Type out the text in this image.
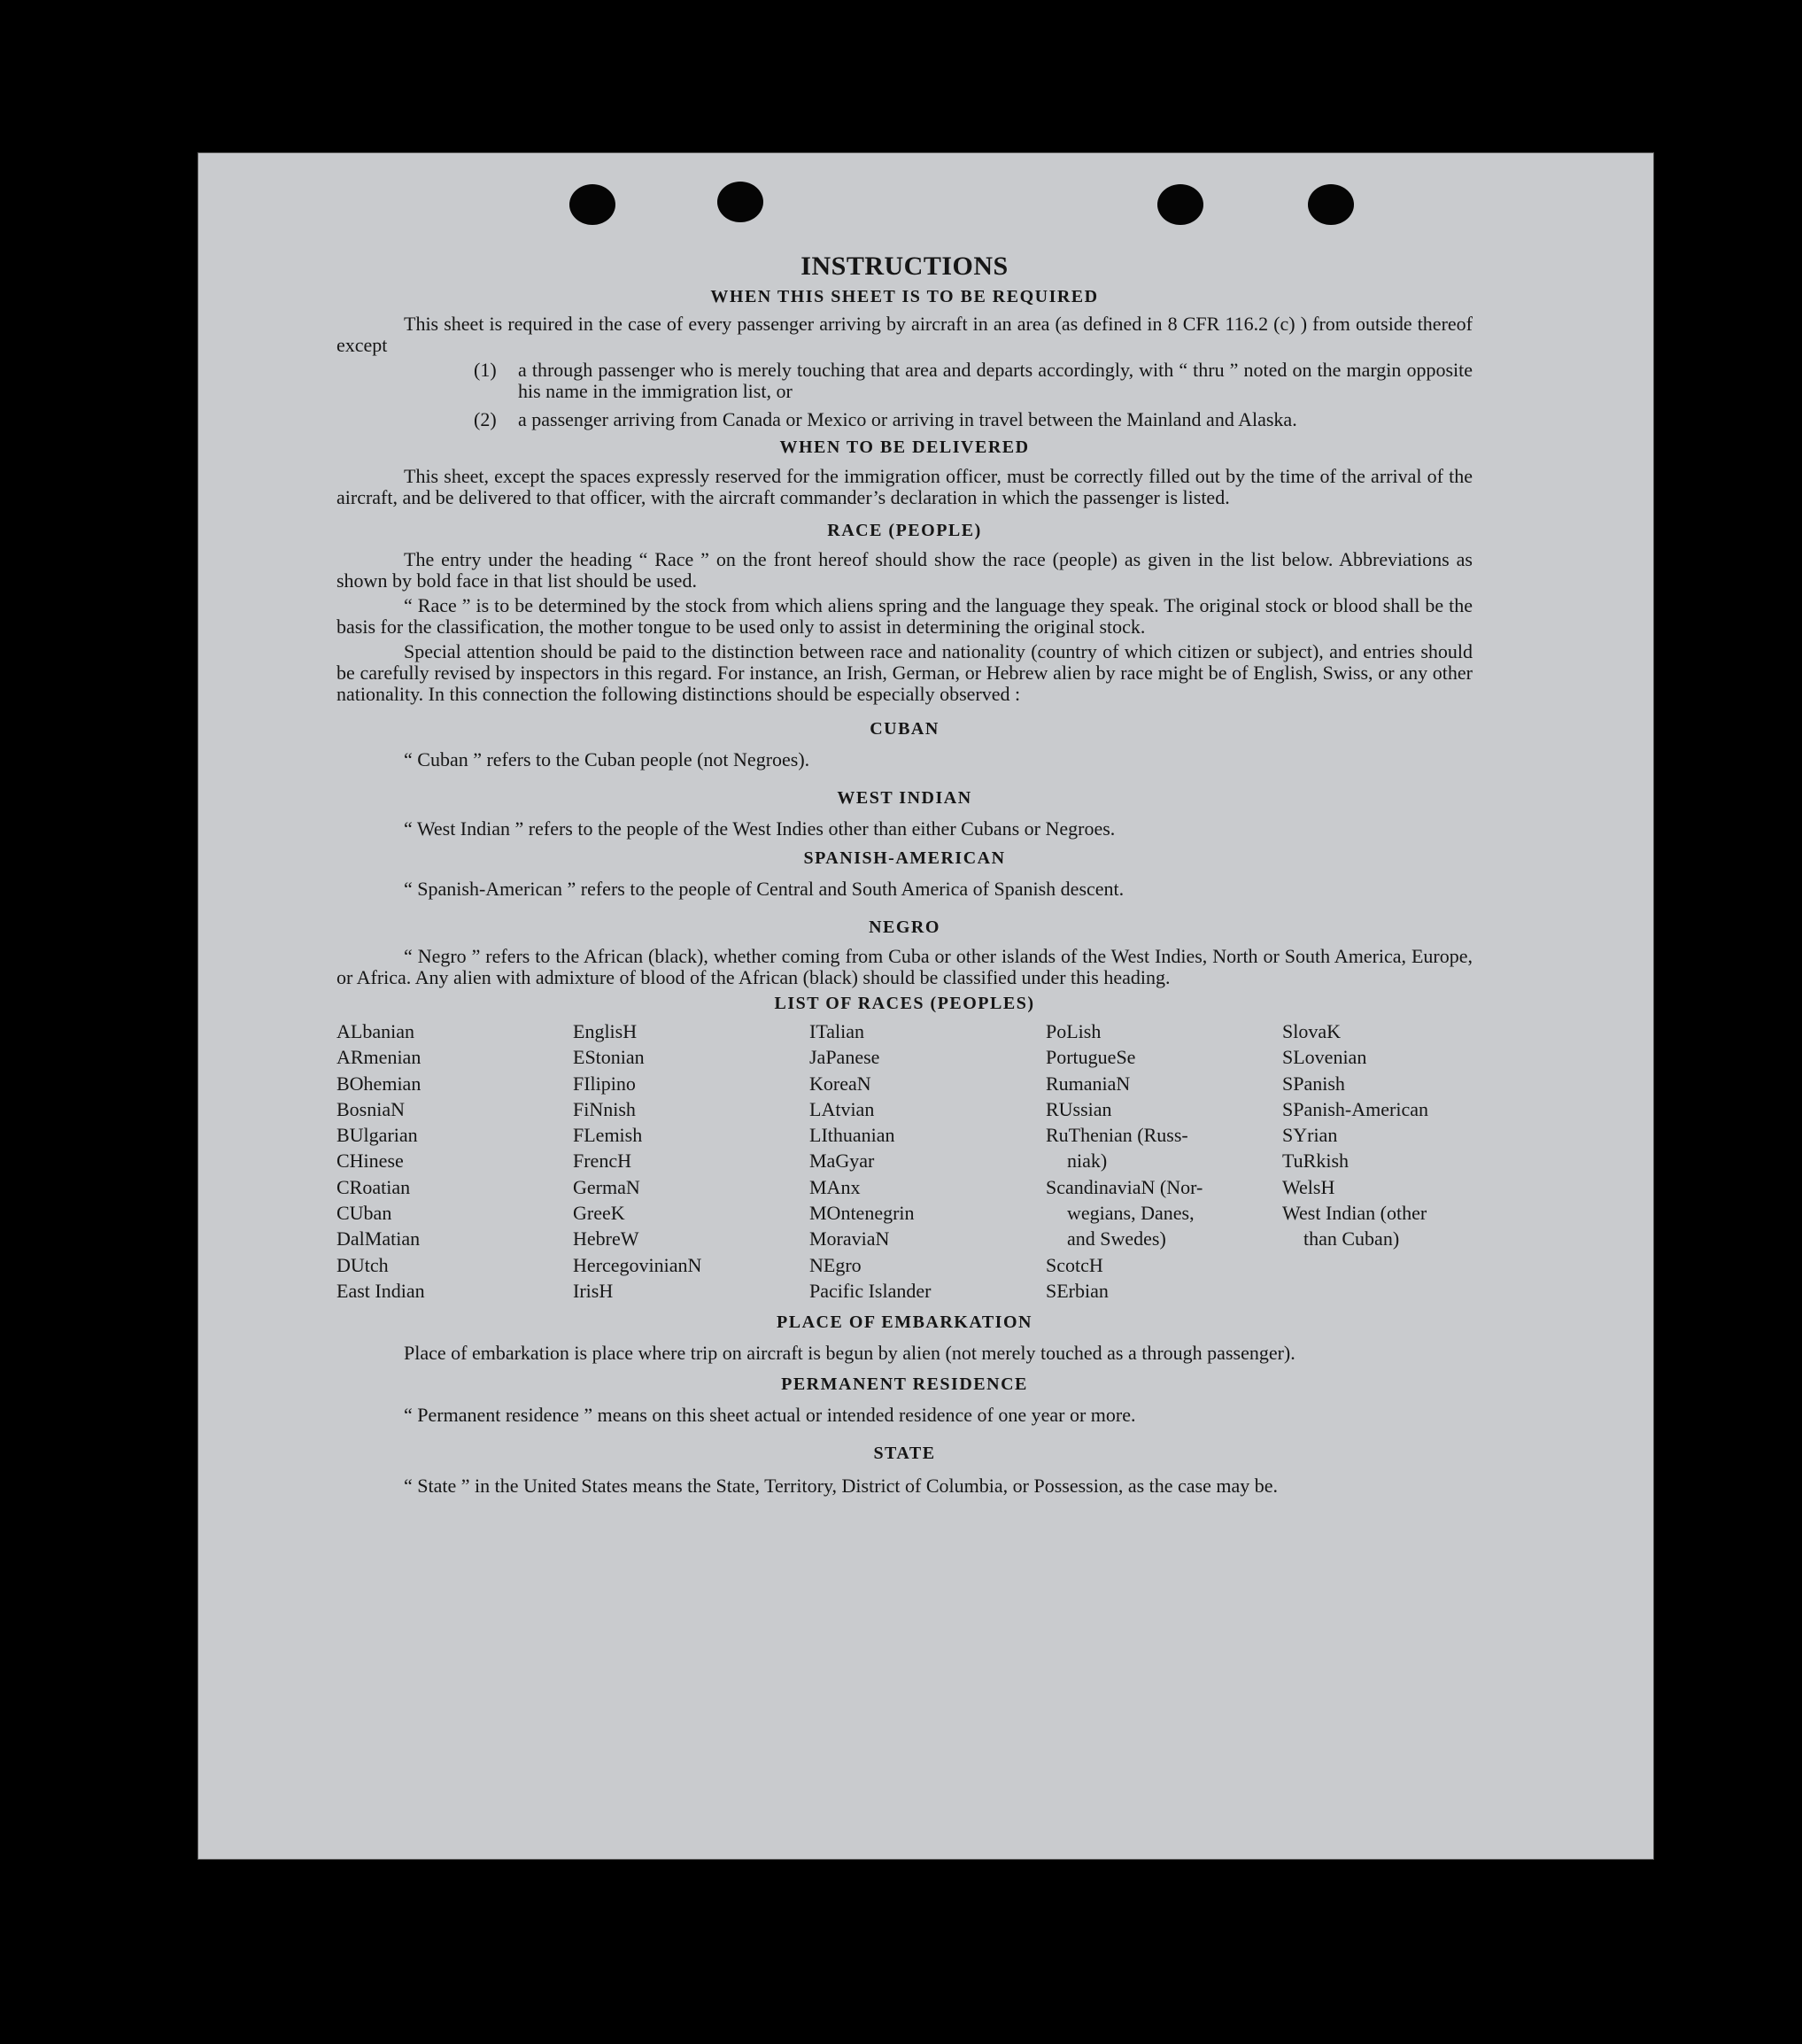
INSTRUCTIONS
WHEN THIS SHEET IS TO BE REQUIRED

This sheet is required in the case of every passenger arriving by aircraft in an area (as defined in 8 CFR 116.2 (c) ) from outside thereof except

(1)	a through passenger who is merely touching that area and departs accordingly, with “ thru ” noted on the margin opposite his name in the immigration list, or
(2)	a passenger arriving from Canada or Mexico or arriving in travel between the Mainland and Alaska.
WHEN TO BE DELIVERED

This sheet, except the spaces expressly reserved for the immigration officer, must be correctly filled out by the time of the arrival of the aircraft, and be delivered to that officer, with the aircraft commander’s declaration in which the passenger is listed.

RACE (PEOPLE)

The entry under the heading “ Race ” on the front hereof should show the race (people) as given in the list below. Abbreviations as shown by bold face in that list should be used.

“ Race ” is to be determined by the stock from which aliens spring and the language they speak. The original stock or blood shall be the basis for the classification, the mother tongue to be used only to assist in determining the original stock.

Special attention should be paid to the distinction between race and nationality (country of which citizen or subject), and entries should be carefully revised by inspectors in this regard. For instance, an Irish, German, or Hebrew alien by race might be of English, Swiss, or any other nationality. In this connection the following distinctions should be especially observed :

CUBAN

“ Cuban ” refers to the Cuban people (not Negroes).

WEST INDIAN

“ West Indian ” refers to the people of the West Indies other than either Cubans or Negroes.

SPANISH-AMERICAN

“ Spanish-American ” refers to the people of Central and South America of Spanish descent.

NEGRO

“ Negro ” refers to the African (black), whether coming from Cuba or other islands of the West Indies, North or South America, Europe, or Africa. Any alien with admixture of blood of the African (black) should be classified under this heading.

LIST OF RACES (PEOPLES)
ALbanian
ARmenian
BOhemian
BosniaN
BUlgarian
CHinese
CRoatian
CUban
DalMatian
DUtch
East Indian
EnglisH
EStonian
FIlipino
FiNnish
FLemish
FrencH
GermaN
GreeK
HebreW
HercegovinianN
IrisH
ITalian
JaPanese
KoreaN
LAtvian
LIthuanian
MaGyar
MAnx
MOntenegrin
MoraviaN
NEgro
Pacific Islander
PoLish
PortugueSe
RumaniaN
RUssian
RuThenian (Russ-
niak)
ScandinaviaN (Nor-
wegians, Danes,
and Swedes)
ScotcH
SErbian
SlovaK
SLovenian
SPanish
SPanish-American
SYrian
TuRkish
WelsH
West Indian (other
than Cuban)
PLACE OF EMBARKATION

Place of embarkation is place where trip on aircraft is begun by alien (not merely touched as a through passenger).

PERMANENT RESIDENCE

“ Permanent residence ” means on this sheet actual or intended residence of one year or more.

STATE

“ State ” in the United States means the State, Territory, District of Columbia, or Possession, as the case may be.
